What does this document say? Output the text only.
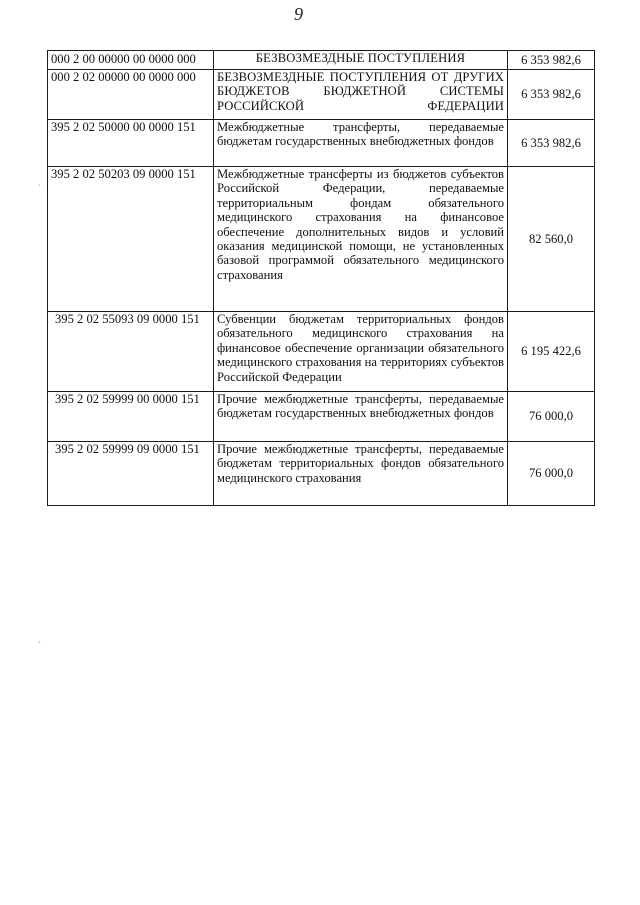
9
000 2 00 00000 00 0000 000	БЕЗВОЗМЕЗДНЫЕ ПОСТУПЛЕНИЯ	6 353 982,6
000 2 02 00000 00 0000 000	БЕЗВОЗМЕЗДНЫЕ ПОСТУПЛЕНИЯ ОТ ДРУГИХ БЮДЖЕТОВ БЮДЖЕТНОЙ СИСТЕМЫ РОССИЙСКОЙ ФЕДЕРАЦИИ	6 353 982,6
395 2 02 50000 00 0000 151	Межбюджетные трансферты, передаваемые бюджетам государственных внебюджетных фондов	6 353 982,6
395 2 02 50203 09 0000 151	Межбюджетные трансферты из бюджетов субъектов Российской Федерации, передаваемые территориальным фондам обязательного медицинского страхования на финансовое обеспечение дополнительных видов и условий оказания медицинской помощи, не установленных базовой программой обязательного медицинского страхования	82 560,0
395 2 02 55093 09 0000 151	Субвенции бюджетам территориальных фондов обязательного медицинского страхования на финансовое обеспечение организации обязательного медицинского страхования на территориях субъектов Российской Федерации	6 195 422,6
395 2 02 59999 00 0000 151	Прочие межбюджетные трансферты, передаваемые бюджетам государственных внебюджетных фондов	76 000,0
395 2 02 59999 09 0000 151	Прочие межбюджетные трансферты, передаваемые бюджетам территориальных фондов обязательного медицинского страхования	76 000,0
`
`
